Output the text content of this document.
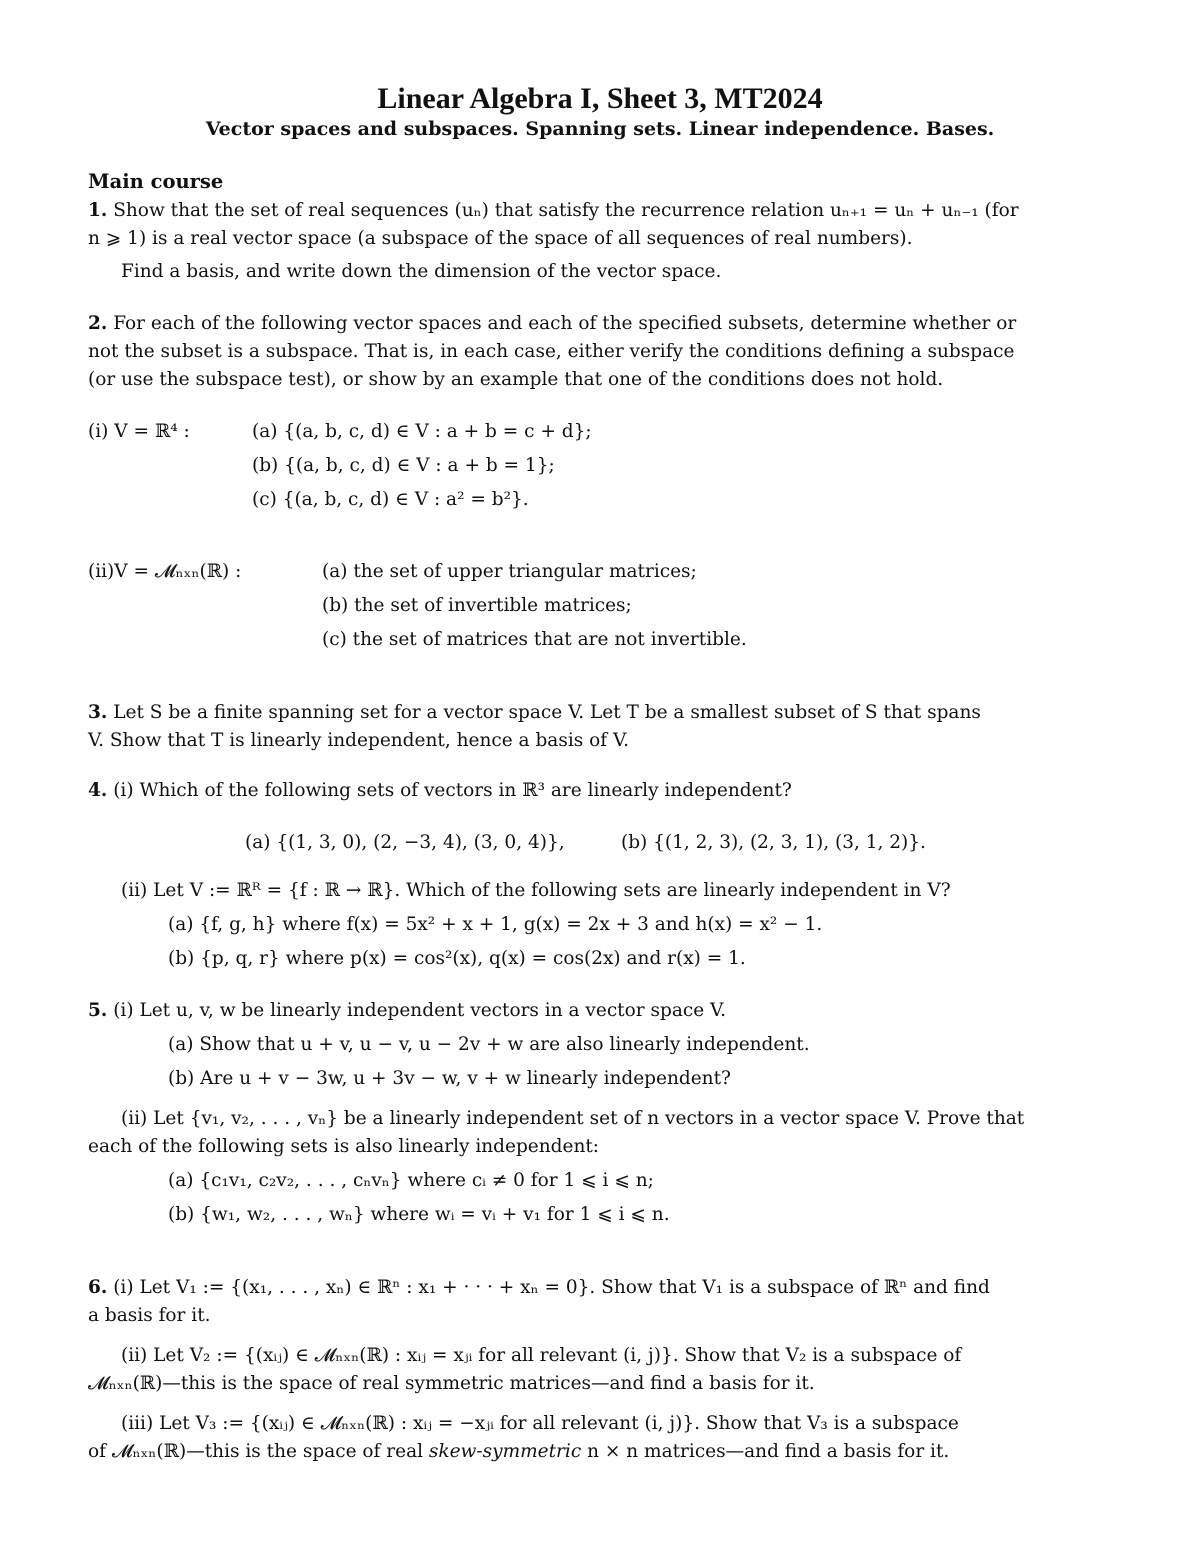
Linear Algebra I, Sheet 3, MT2024
Vector spaces and subspaces. Spanning sets. Linear independence. Bases.
Main course
1. Show that the set of real sequences (uₙ) that satisfy the recurrence relation uₙ₊₁ = uₙ + uₙ₋₁ (for
n ⩾ 1) is a real vector space (a subspace of the space of all sequences of real numbers).
Find a basis, and write down the dimension of the vector space.
2. For each of the following vector spaces and each of the specified subsets, determine whether or
not the subset is a subspace. That is, in each case, either verify the conditions defining a subspace
(or use the subspace test), or show by an example that one of the conditions does not hold.
(i) V = ℝ⁴ :	(a) {(a, b, c, d) ∈ V : a + b = c + d};
(b) {(a, b, c, d) ∈ V : a + b = 1};
(c) {(a, b, c, d) ∈ V : a² = b²}.
(ii)V = 𝓜ₙₓₙ(ℝ) :	(a) the set of upper triangular matrices;
(b) the set of invertible matrices;
(c) the set of matrices that are not invertible.
3. Let S be a finite spanning set for a vector space V. Let T be a smallest subset of S that spans
V. Show that T is linearly independent, hence a basis of V.
4. (i) Which of the following sets of vectors in ℝ³ are linearly independent?
(a) {(1, 3, 0), (2, −3, 4), (3, 0, 4)},	(b) {(1, 2, 3), (2, 3, 1), (3, 1, 2)}.
(ii) Let V := ℝᴿ = {f : ℝ → ℝ}. Which of the following sets are linearly independent in V?
(a) {f, g, h} where f(x) = 5x² + x + 1, g(x) = 2x + 3 and h(x) = x² − 1.
(b) {p, q, r} where p(x) = cos²(x), q(x) = cos(2x) and r(x) = 1.
5. (i) Let u, v, w be linearly independent vectors in a vector space V.
(a) Show that u + v, u − v, u − 2v + w are also linearly independent.
(b) Are u + v − 3w, u + 3v − w, v + w linearly independent?
(ii) Let {v₁, v₂, . . . , vₙ} be a linearly independent set of n vectors in a vector space V. Prove that
each of the following sets is also linearly independent:
(a) {c₁v₁, c₂v₂, . . . , cₙvₙ} where cᵢ ≠ 0 for 1 ⩽ i ⩽ n;
(b) {w₁, w₂, . . . , wₙ} where wᵢ = vᵢ + v₁ for 1 ⩽ i ⩽ n.
6. (i) Let V₁ := {(x₁, . . . , xₙ) ∈ ℝⁿ : x₁ + · · · + xₙ = 0}. Show that V₁ is a subspace of ℝⁿ and find
a basis for it.
(ii) Let V₂ := {(xᵢⱼ) ∈ 𝓜ₙₓₙ(ℝ) : xᵢⱼ = xⱼᵢ for all relevant (i, j)}. Show that V₂ is a subspace of
𝓜ₙₓₙ(ℝ)—this is the space of real symmetric matrices—and find a basis for it.
(iii) Let V₃ := {(xᵢⱼ) ∈ 𝓜ₙₓₙ(ℝ) : xᵢⱼ = −xⱼᵢ for all relevant (i, j)}. Show that V₃ is a subspace
of 𝓜ₙₓₙ(ℝ)—this is the space of real skew-symmetric n × n matrices—and find a basis for it.
